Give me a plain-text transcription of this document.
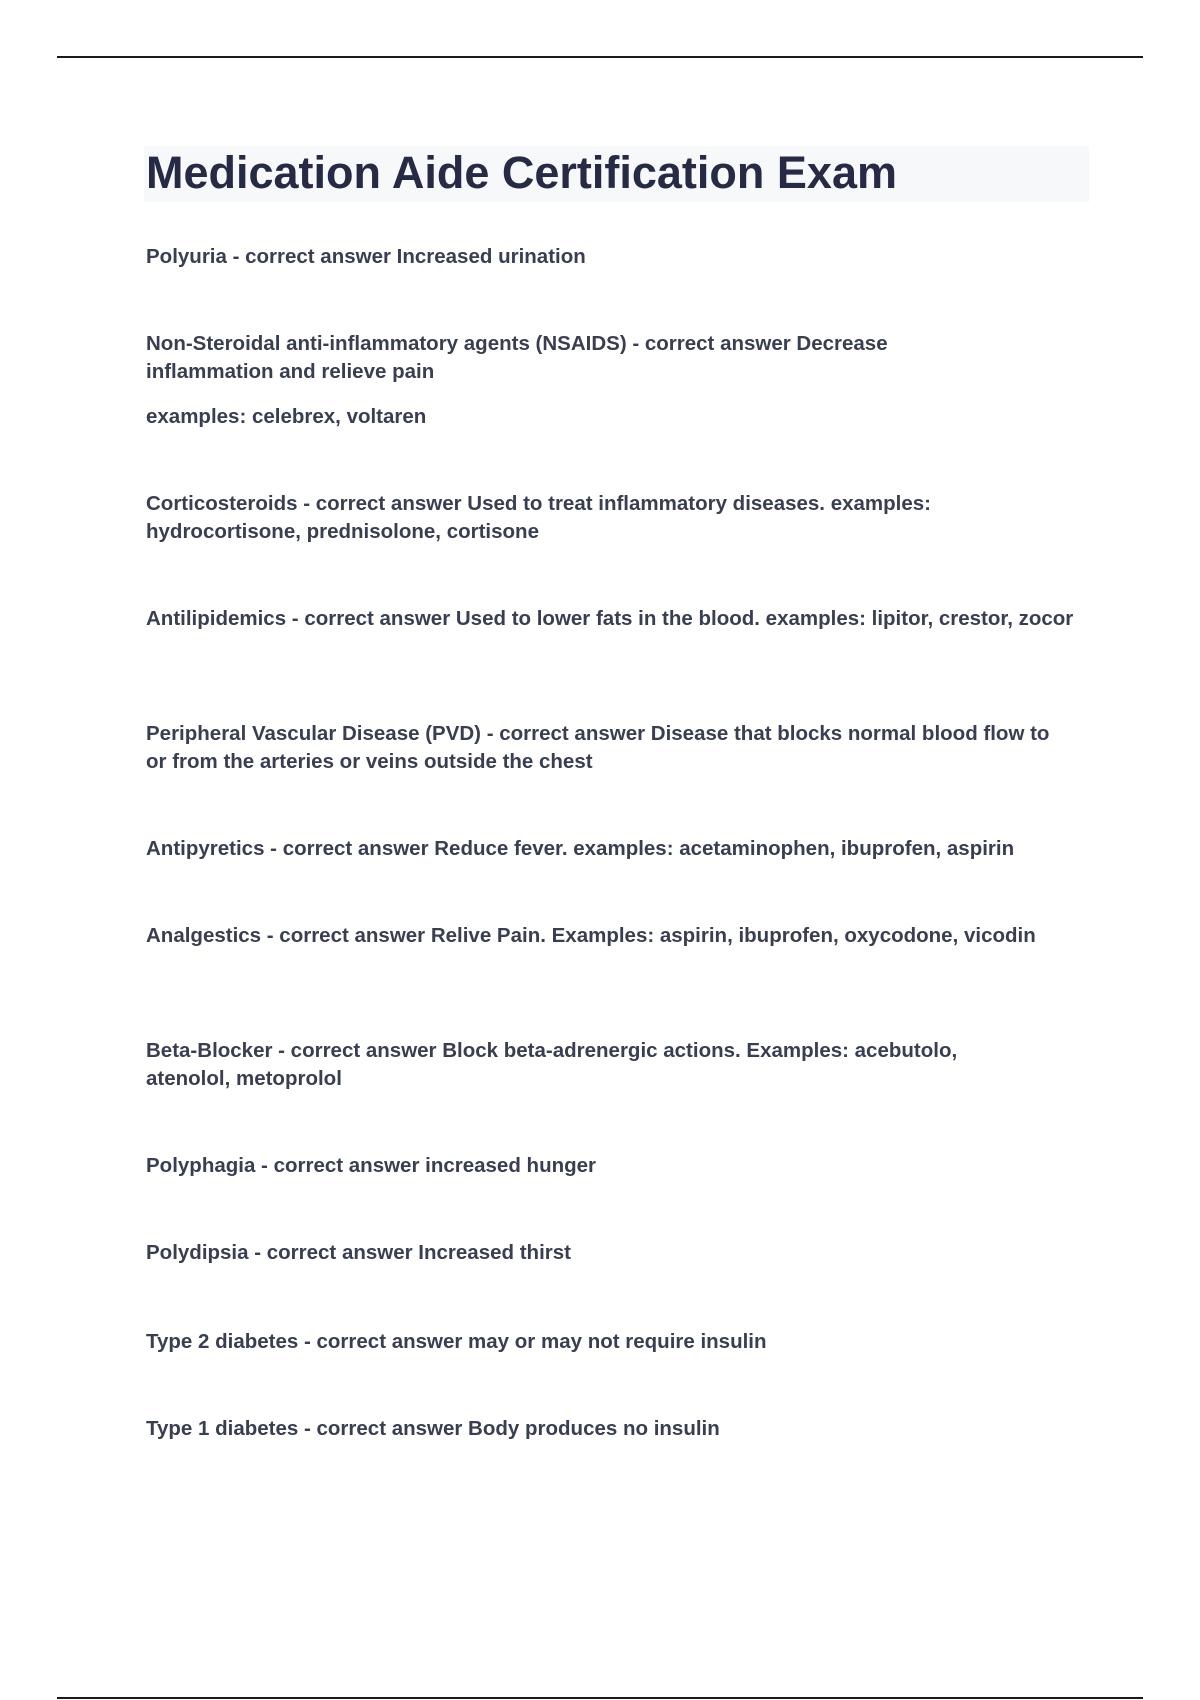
Medication Aide Certification Exam

Polyuria - correct answer Increased urination

Non-Steroidal anti-inflammatory agents (NSAIDS) - correct answer Decrease inflammation and relieve pain

examples: celebrex, voltaren

Corticosteroids - correct answer Used to treat inflammatory diseases. examples: hydrocortisone, prednisolone, cortisone

Antilipidemics - correct answer Used to lower fats in the blood. examples: lipitor, crestor, zocor

Peripheral Vascular Disease (PVD) - correct answer Disease that blocks normal blood flow to or from the arteries or veins outside the chest

Antipyretics - correct answer Reduce fever. examples: acetaminophen, ibuprofen, aspirin

Analgestics - correct answer Relive Pain. Examples: aspirin, ibuprofen, oxycodone, vicodin

Beta-Blocker - correct answer Block beta-adrenergic actions. Examples: acebutolo, atenolol, metoprolol

Polyphagia - correct answer increased hunger

Polydipsia - correct answer Increased thirst

Type 2 diabetes - correct answer may or may not require insulin

Type 1 diabetes - correct answer Body produces no insulin
